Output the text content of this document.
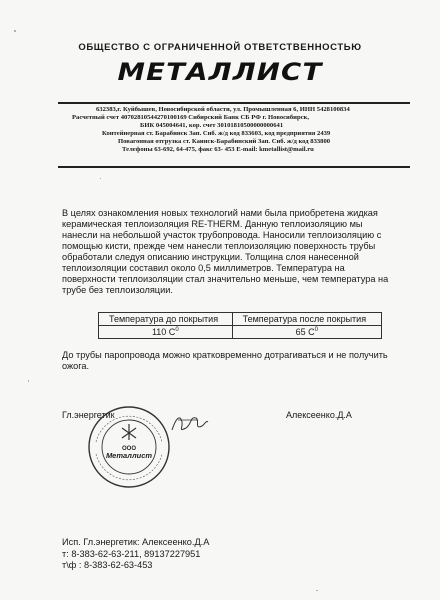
ОБЩЕСТВО С ОГРАНИЧЕННОЙ ОТВЕТСТВЕННОСТЬЮ
МЕТАЛЛИСТ
632383,г. Куйбышев, Новосибирской области, ул. Промышленная 6, ИНН 5428100834
Расчетный счет 40702810544270100169 Сибирский Банк СБ РФ г. Новосибирск,
БИК 045004641, кор. счет 30101810500000000641
Контейнерная ст. Барабинск Зап. Сиб. ж/д код 833603, код предприятия 2439
Повагонная отгрузка ст. Каинск-Барабинский Зап. Сиб. ж/д код 833800
Телефоны 63-692, 64-475, факс 63- 453 E-mail: kmetallist@mail.ru
В целях ознакомления новых технологий нами была приобретена жидкая
керамическая теплоизоляция RE-THERM. Данную теплоизоляцию мы
нанесли на небольшой участок трубопровода. Наносили теплоизоляцию с
помощью кисти, прежде чем нанесли теплоизоляцию поверхность трубы
обработали следуя описанию инструкции. Толщина слоя нанесенной
теплоизоляции составил около 0,5 миллиметров. Температура на
поверхности теплоизоляции стал значительно меньше, чем температура на
трубе без теплоизоляции.
Температура до покрытия	Температура после покрытия
110 $С^0$	65 $С^0$
До трубы паропровода можно кратковременно дотрагиваться и не получить
ожога.
Гл.энергетик	Алексеенко.Д.А
ООО
Металлист
Исп. Гл.энергетик: Алексеенко.Д.А
т: 8-383-62-63-211, 89137227951
т\ф : 8-383-62-63-453
